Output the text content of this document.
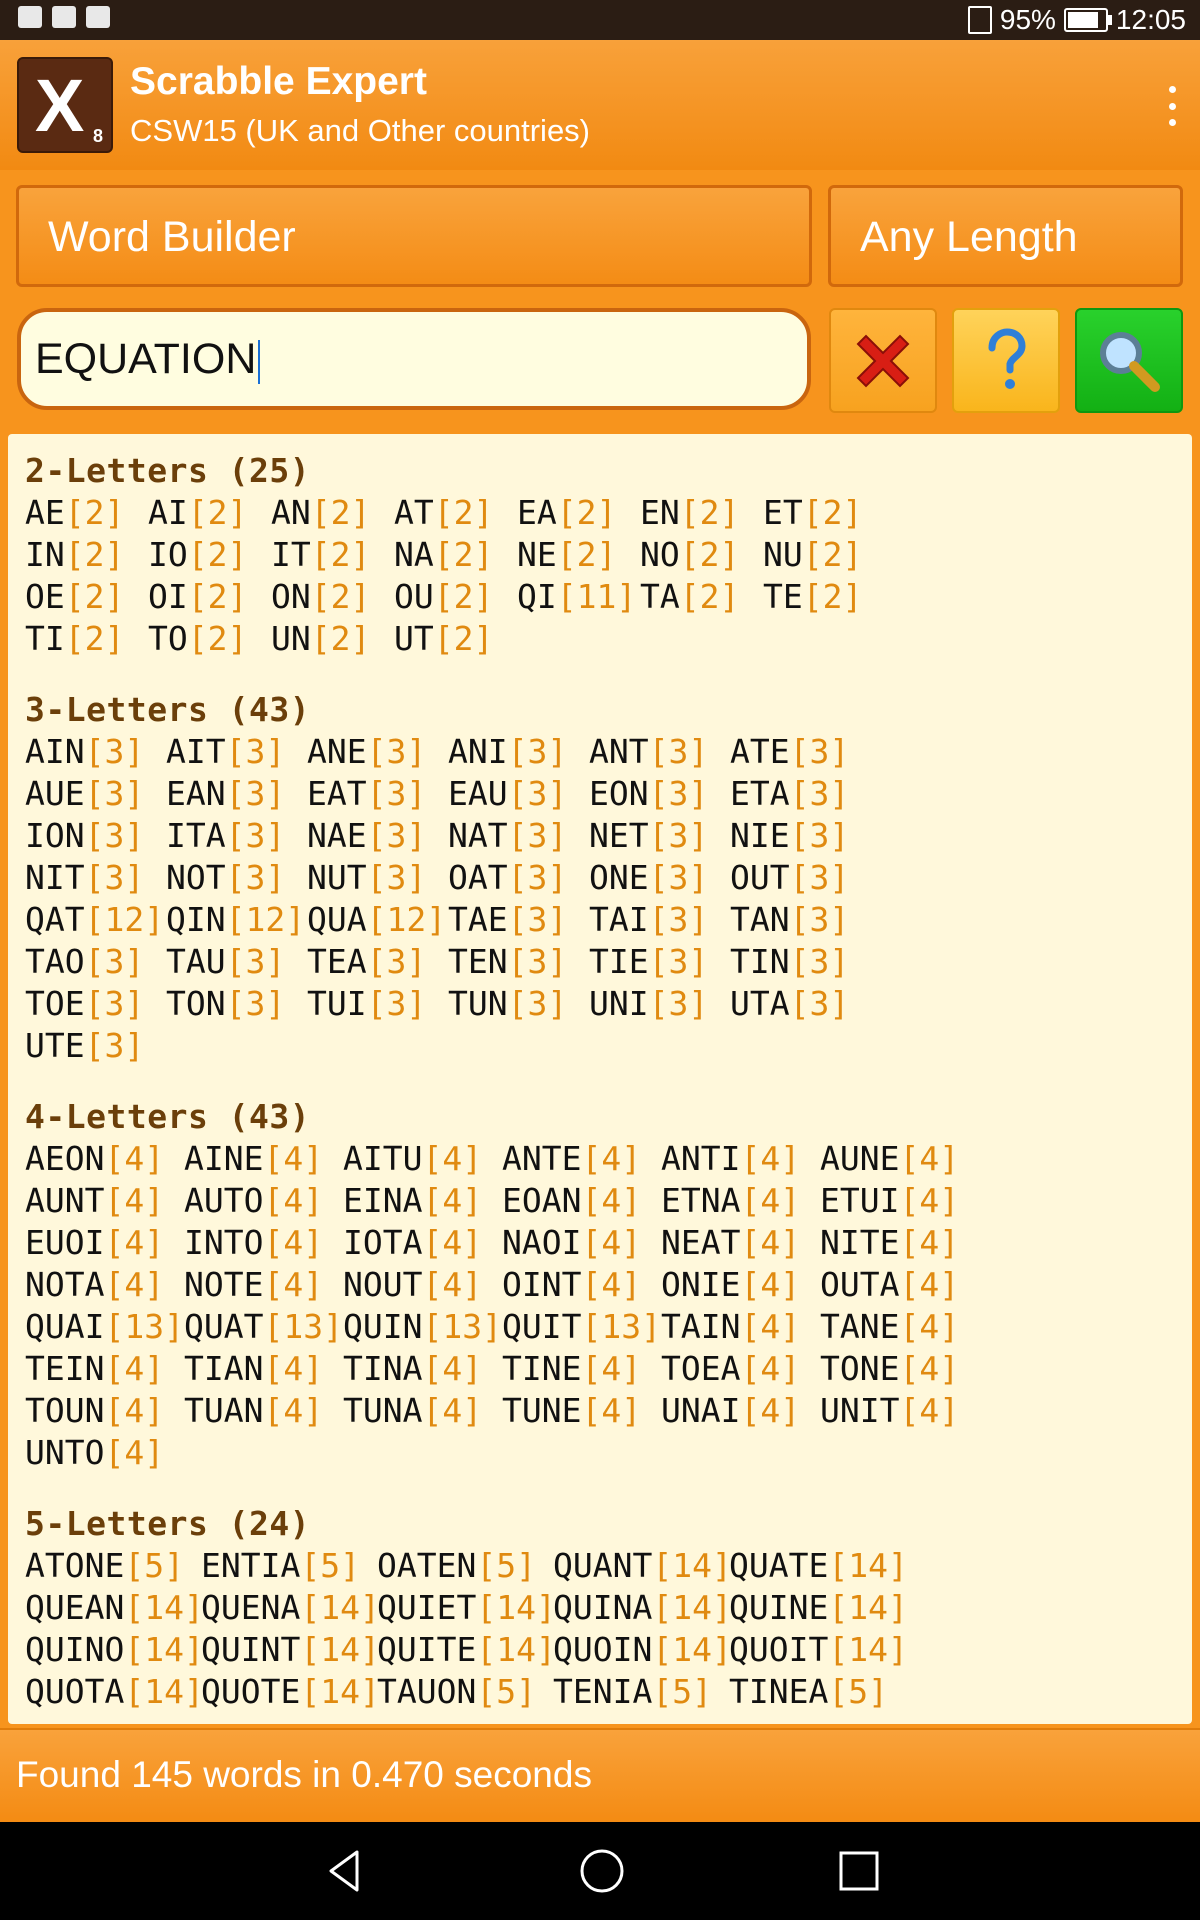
95% 12:05
X 8
Scrabble Expert
CSW15 (UK and Other countries)
Word Builder	Any Length
EQUATION
2-Letters (25)
AE[2] AI[2] AN[2] AT[2] EA[2] EN[2] ET[2]
IN[2] IO[2] IT[2] NA[2] NE[2] NO[2] NU[2]
OE[2] OI[2] ON[2] OU[2] QI[11] TA[2] TE[2]
TI[2] TO[2] UN[2] UT[2]
3-Letters (43)
AIN[3] AIT[3] ANE[3] ANI[3] ANT[3] ATE[3]
AUE[3] EAN[3] EAT[3] EAU[3] EON[3] ETA[3]
ION[3] ITA[3] NAE[3] NAT[3] NET[3] NIE[3]
NIT[3] NOT[3] NUT[3] OAT[3] ONE[3] OUT[3]
QAT[12] QIN[12] QUA[12] TAE[3] TAI[3] TAN[3]
TAO[3] TAU[3] TEA[3] TEN[3] TIE[3] TIN[3]
TOE[3] TON[3] TUI[3] TUN[3] UNI[3] UTA[3]
UTE[3]
4-Letters (43)
AEON[4] AINE[4] AITU[4] ANTE[4] ANTI[4] AUNE[4]
AUNT[4] AUTO[4] EINA[4] EOAN[4] ETNA[4] ETUI[4]
EUOI[4] INTO[4] IOTA[4] NAOI[4] NEAT[4] NITE[4]
NOTA[4] NOTE[4] NOUT[4] OINT[4] ONIE[4] OUTA[4]
QUAI[13] QUAT[13] QUIN[13] QUIT[13] TAIN[4] TANE[4]
TEIN[4] TIAN[4] TINA[4] TINE[4] TOEA[4] TONE[4]
TOUN[4] TUAN[4] TUNA[4] TUNE[4] UNAI[4] UNIT[4]
UNTO[4]
5-Letters (24)
ATONE[5] ENTIA[5] OATEN[5] QUANT[14]
QUATE[14]
QUEAN[14]
QUENA[14]
QUIET[14]
QUINA[14]
QUINE[14]
QUINO[14]
QUINT[14]
QUITE[14]
QUOIN[14]
QUOIT[14]
QUOTA[14]
QUOTE[14]
TAUON[5] TENIA[5] TINEA[5]
Found 145 words in 0.470 seconds
